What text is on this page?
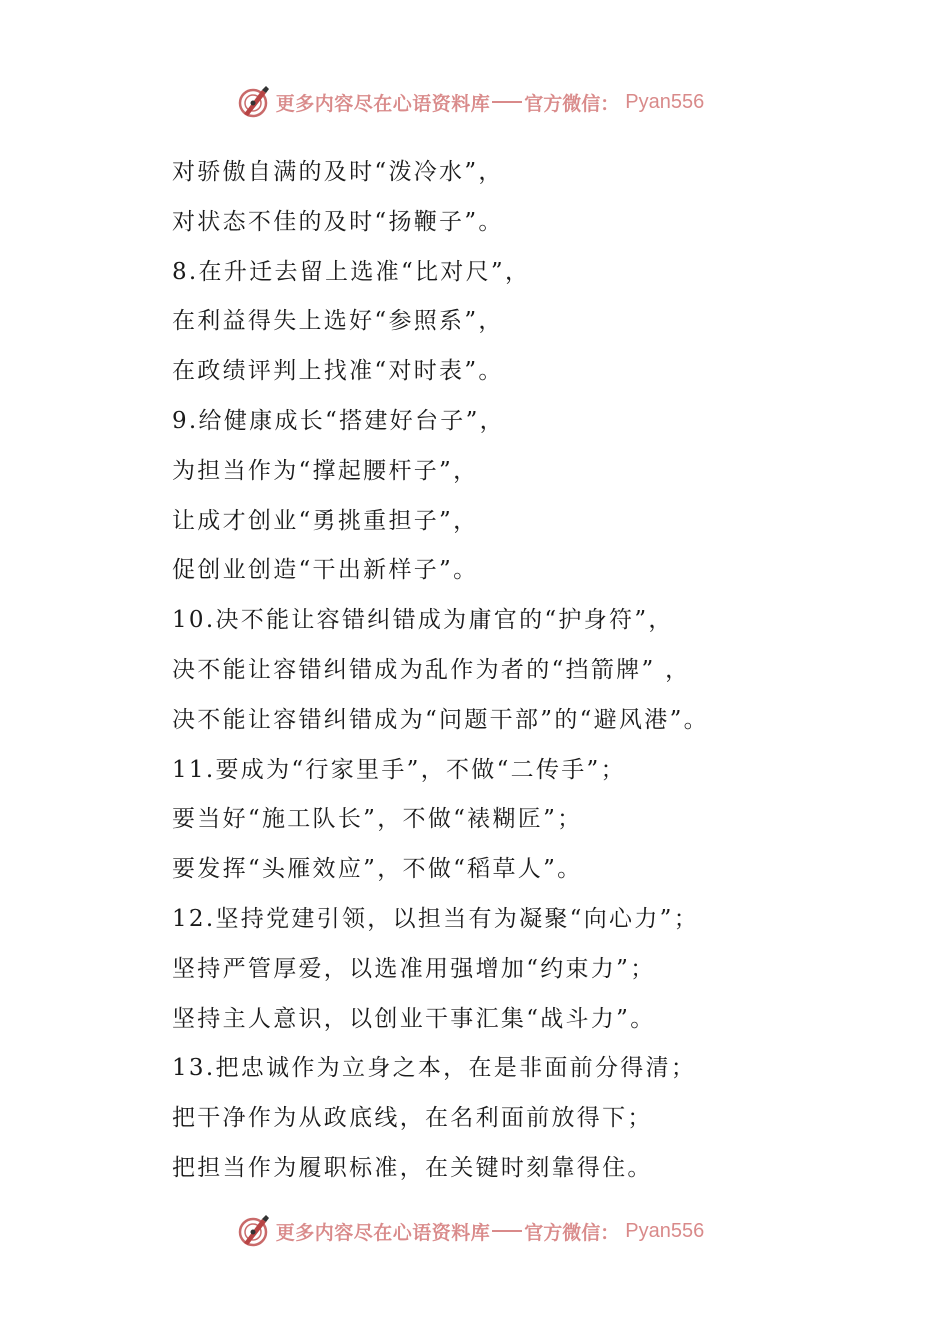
更多内容尽在心语资料库 官方微信： Pyan556
对骄傲自满的及时“泼冷水”，
对状态不佳的及时“扬鞭子”。
8.在升迁去留上选准“比对尺”，
在利益得失上选好“参照系”，
在政绩评判上找准“对时表”。
9.给健康成长“搭建好台子”，
为担当作为“撑起腰杆子”，
让成才创业“勇挑重担子”，
促创业创造“干出新样子”。
10.决不能让容错纠错成为庸官的“护身符”，
决不能让容错纠错成为乱作为者的“挡箭牌” ，
决不能让容错纠错成为“问题干部”的“避风港”。
11.要成为“行家里手”，不做“二传手”；
要当好“施工队长”，不做“裱糊匠”；
要发挥“头雁效应”，不做“稻草人”。
12.坚持党建引领，以担当有为凝聚“向心力”；
坚持严管厚爱，以选准用强增加“约束力”；
坚持主人意识，以创业干事汇集“战斗力”。
13.把忠诚作为立身之本，在是非面前分得清；
把干净作为从政底线，在名利面前放得下；
把担当作为履职标准，在关键时刻靠得住。
更多内容尽在心语资料库 官方微信： Pyan556
